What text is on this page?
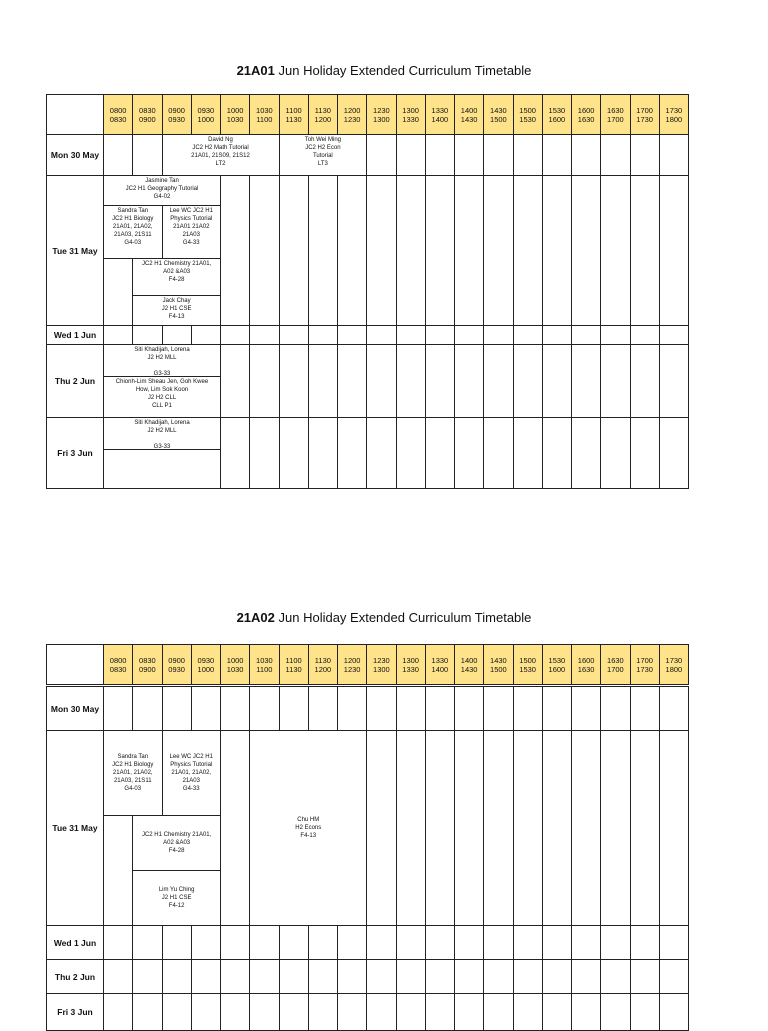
21A01 Jun Holiday Extended Curriculum Timetable
0800
0830
0830
0900
0900
0930
0930
1000
1000
1030
1030
1100
1100
1130
1130
1200
1200
1230
1230
1300
1300
1330
1330
1400
1400
1430
1430
1500
1500
1530
1530
1600
1600
1630
1630
1700
1700
1730
1730
1800
Mon 30 May
Tue 31 May
Wed 1 Jun
Thu 2 Jun
Fri 3 Jun
David Ng
JC2 H2 Math Tutorial
21A01, 21S09, 21S12
LT2
Toh Wei Ming
JC2 H2 Econ
Tutorial
LT3
Jasmine Tan
JC2 H1 Geography Tutorial
G4-02
Sandra Tan
JC2 H1 Biology
21A01, 21A02,
21A03, 21S11
G4-03
Lee WC JC2 H1
Physics Tutorial
21A01 21A02
21A03
G4-33
JC2 H1 Chemistry 21A01,
A02 &A03
F4-28
Jack Chay
J2 H1 CSE
F4-13
Siti Khadijah, Lorena
J2 H2 MLL

G3-33
Chionh-Lim Sheau Jen, Goh Kwee
How, Lim Sok Koon
J2 H2 CLL
CLL P1
Siti Khadijah, Lorena
J2 H2 MLL

G3-33
21A02 Jun Holiday Extended Curriculum Timetable
0800
0830
0830
0900
0900
0930
0930
1000
1000
1030
1030
1100
1100
1130
1130
1200
1200
1230
1230
1300
1300
1330
1330
1400
1400
1430
1430
1500
1500
1530
1530
1600
1600
1630
1630
1700
1700
1730
1730
1800
Mon 30 May
Tue 31 May
Wed 1 Jun
Thu 2 Jun
Fri 3 Jun
Sandra Tan
JC2 H1 Biology
21A01, 21A02,
21A03, 21S11
G4-03
Lee WC JC2 H1
Physics Tutorial
21A01, 21A02,
21A03
G4-33
JC2 H1 Chemistry 21A01,
A02 &A03
F4-28
Lim Yu Ching
J2 H1 CSE
F4-12
Chu HM
H2 Econs
F4-13
